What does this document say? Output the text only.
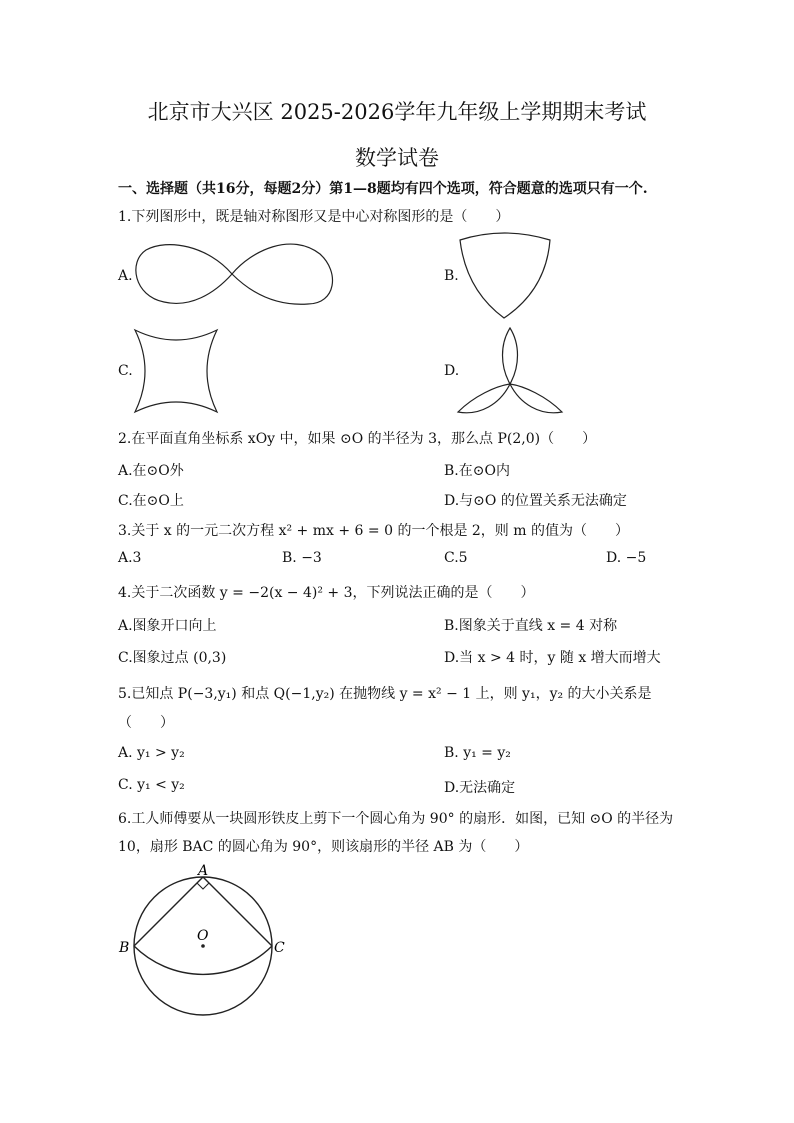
北京市大兴区 2025-2026学年九年级上学期期末考试
数学试卷
一、选择题（共16分，每题2分）第1—8题均有四个选项，符合题意的选项只有一个.
1.下列图形中，既是轴对称图形又是中心对称图形的是（　　）
A.	B.
C.	D.
2.在平面直角坐标系 xOy 中，如果 ⊙O 的半径为 3，那么点 P(2,0)（　　）
A.在⊙O外	B.在⊙O内
C.在⊙O上	D.与⊙O 的位置关系无法确定
3.关于 x 的一元二次方程 x² + mx + 6 = 0 的一个根是 2，则 m 的值为（　　）
A.3	B. −3	C.5	D. −5
4.关于二次函数 y = −2(x − 4)² + 3，下列说法正确的是（　　）
A.图象开口向上	B.图象关于直线 x = 4 对称
C.图象过点 (0,3)	D.当 x > 4 时，y 随 x 增大而增大
5.已知点 P(−3,y₁) 和点 Q(−1,y₂) 在抛物线 y = x² − 1 上，则 y₁，y₂ 的大小关系是
（　　）
A. y₁ > y₂	B. y₁ = y₂
C. y₁ < y₂	D.无法确定
6.工人师傅要从一块圆形铁皮上剪下一个圆心角为 90° 的扇形．如图，已知 ⊙O 的半径为
10，扇形 BAC 的圆心角为 90°，则该扇形的半径 AB 为（　　）
A
B	C
O
